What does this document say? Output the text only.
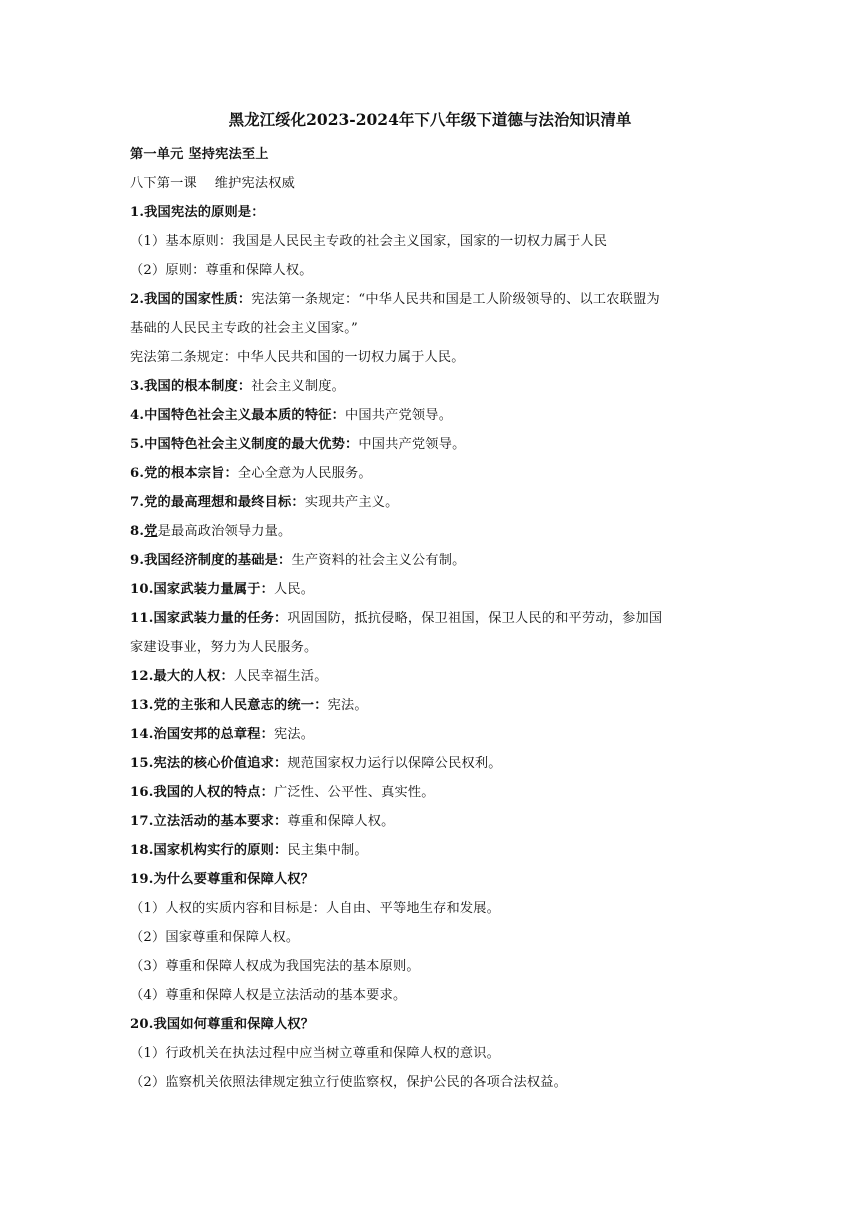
黑龙江绥化2023-2024年下八年级下道德与法治知识清单
第一单元 坚持宪法至上
八下第一课　 维护宪法权威
1.我国宪法的原则是：
（1）基本原则：我国是人民民主专政的社会主义国家，国家的一切权力属于人民
（2）原则：尊重和保障人权。
2.我国的国家性质：宪法第一条规定：“中华人民共和国是工人阶级领导的、以工农联盟为
基础的人民民主专政的社会主义国家。”
宪法第二条规定：中华人民共和国的一切权力属于人民。
3.我国的根本制度：社会主义制度。
4.中国特色社会主义最本质的特征：中国共产党领导。
5.中国特色社会主义制度的最大优势：中国共产党领导。
6.党的根本宗旨：全心全意为人民服务。
7.党的最高理想和最终目标：实现共产主义。
8.党是最高政治领导力量。
9.我国经济制度的基础是：生产资料的社会主义公有制。
10.国家武装力量属于：人民。
11.国家武装力量的任务：巩固国防，抵抗侵略，保卫祖国，保卫人民的和平劳动，参加国
家建设事业，努力为人民服务。
12.最大的人权：人民幸福生活。
13.党的主张和人民意志的统一：宪法。
14.治国安邦的总章程：宪法。
15.宪法的核心价值追求：规范国家权力运行以保障公民权利。
16.我国的人权的特点：广泛性、公平性、真实性。
17.立法活动的基本要求：尊重和保障人权。
18.国家机构实行的原则：民主集中制。
19.为什么要尊重和保障人权？
（1）人权的实质内容和目标是：人自由、平等地生存和发展。
（2）国家尊重和保障人权。
（3）尊重和保障人权成为我国宪法的基本原则。
（4）尊重和保障人权是立法活动的基本要求。
20.我国如何尊重和保障人权？
（1）行政机关在执法过程中应当树立尊重和保障人权的意识。
（2）监察机关依照法律规定独立行使监察权，保护公民的各项合法权益。
